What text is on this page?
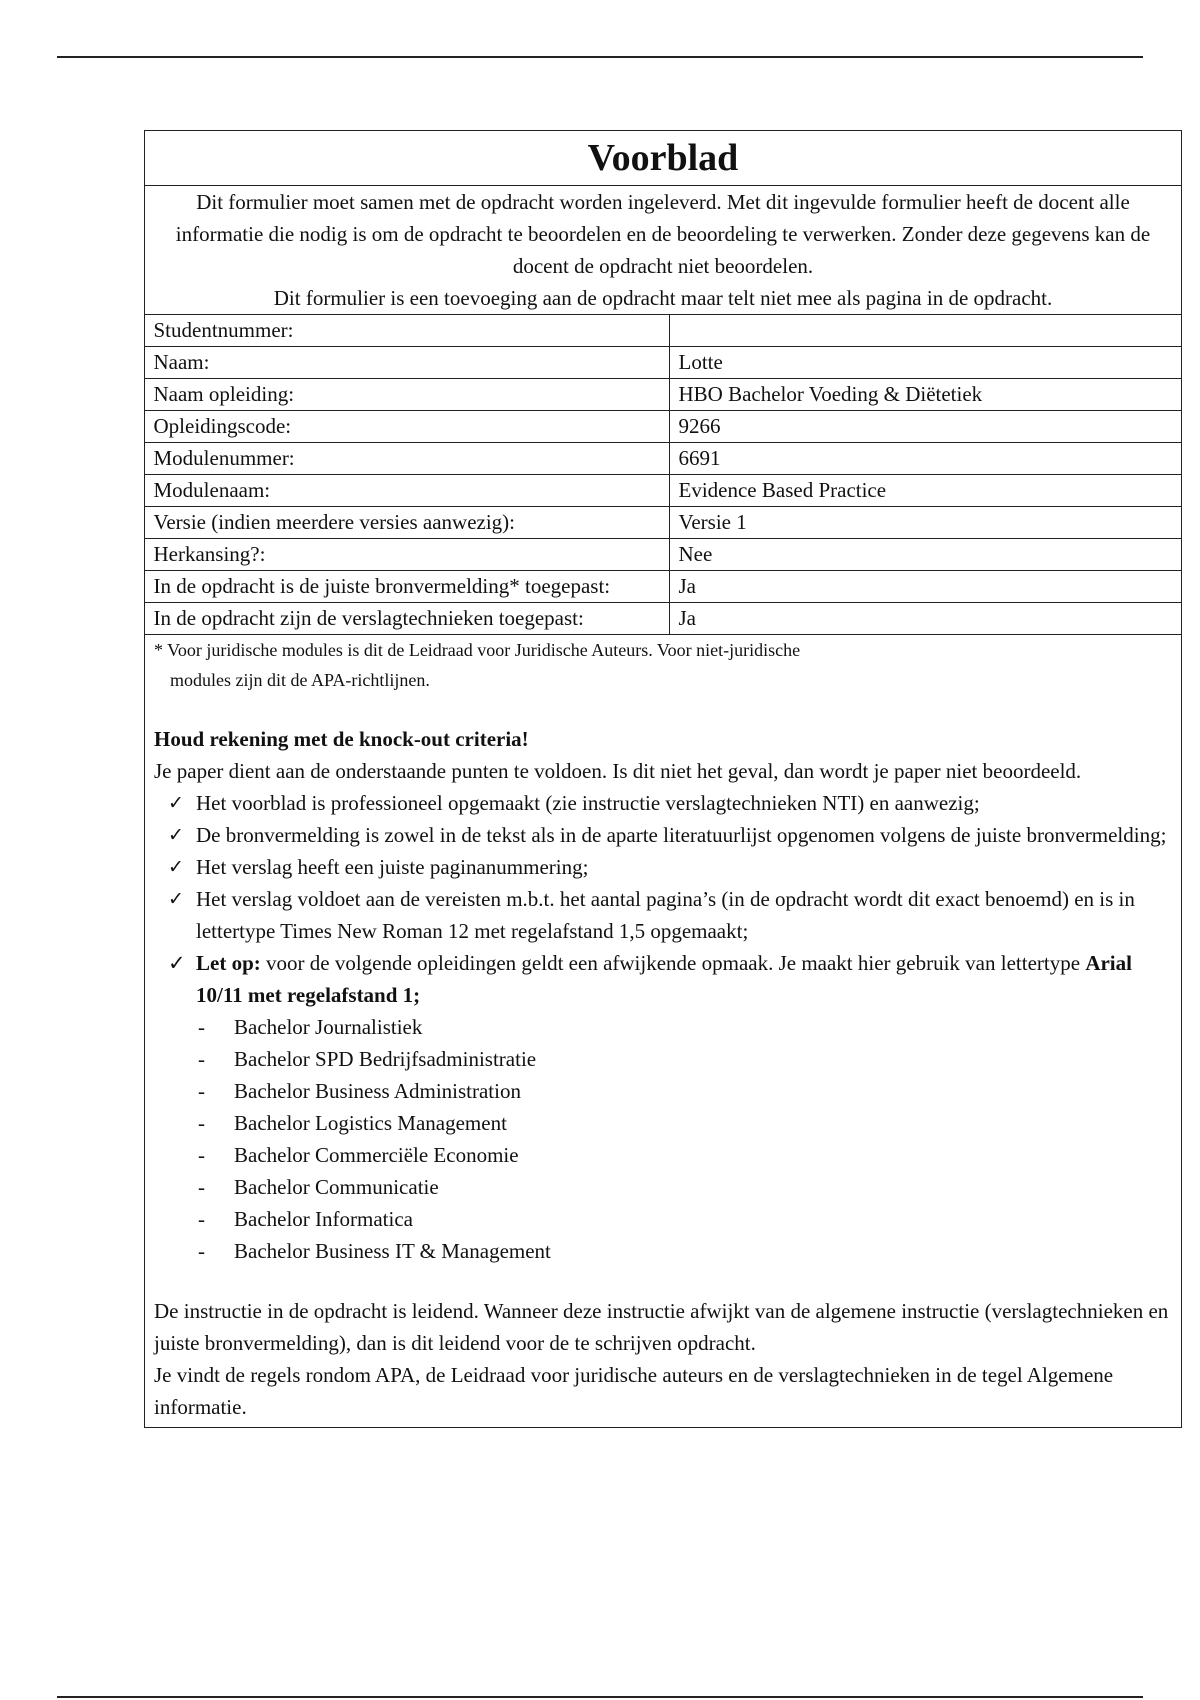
Voorblad
Dit formulier moet samen met de opdracht worden ingeleverd. Met dit ingevulde formulier heeft de docent alle informatie die nodig is om de opdracht te beoordelen en de beoordeling te verwerken. Zonder deze gegevens kan de docent de opdracht niet beoordelen.
Dit formulier is een toevoeging aan de opdracht maar telt niet mee als pagina in de opdracht.
Studentnummer:	
Naam:	Lotte
Naam opleiding:	HBO Bachelor Voeding & Diëtetiek
Opleidingscode:	9266
Modulenummer:	6691
Modulenaam:	Evidence Based Practice
Versie (indien meerdere versies aanwezig):	Versie 1
Herkansing?:	Nee
In de opdracht is de juiste bronvermelding* toegepast:	Ja
In de opdracht zijn de verslagtechnieken toegepast:	Ja
* Voor juridische modules is dit de Leidraad voor Juridische Auteurs. Voor niet-juridische
modules zijn dit de APA-richtlijnen.
Houd rekening met de knock-out criteria!
Je paper dient aan de onderstaande punten te voldoen. Is dit niet het geval, dan wordt je paper niet beoordeeld.
✓ Het voorblad is professioneel opgemaakt (zie instructie verslagtechnieken NTI) en aanwezig;
✓ De bronvermelding is zowel in de tekst als in de aparte literatuurlijst opgenomen volgens de juiste bronvermelding;
✓ Het verslag heeft een juiste paginanummering;
✓ Het verslag voldoet aan de vereisten m.b.t. het aantal pagina’s (in de opdracht wordt dit exact benoemd) en is in lettertype Times New Roman 12 met regelafstand 1,5 opgemaakt;
✓ Let op: voor de volgende opleidingen geldt een afwijkende opmaak. Je maakt hier gebruik van lettertype Arial 10/11 met regelafstand 1;
- Bachelor Journalistiek
- Bachelor SPD Bedrijfsadministratie
- Bachelor Business Administration
- Bachelor Logistics Management
- Bachelor Commerciële Economie
- Bachelor Communicatie
- Bachelor Informatica
- Bachelor Business IT & Management
De instructie in de opdracht is leidend. Wanneer deze instructie afwijkt van de algemene instructie (verslagtechnieken en juiste bronvermelding), dan is dit leidend voor de te schrijven opdracht.
Je vindt de regels rondom APA, de Leidraad voor juridische auteurs en de verslagtechnieken in de tegel Algemene informatie.
